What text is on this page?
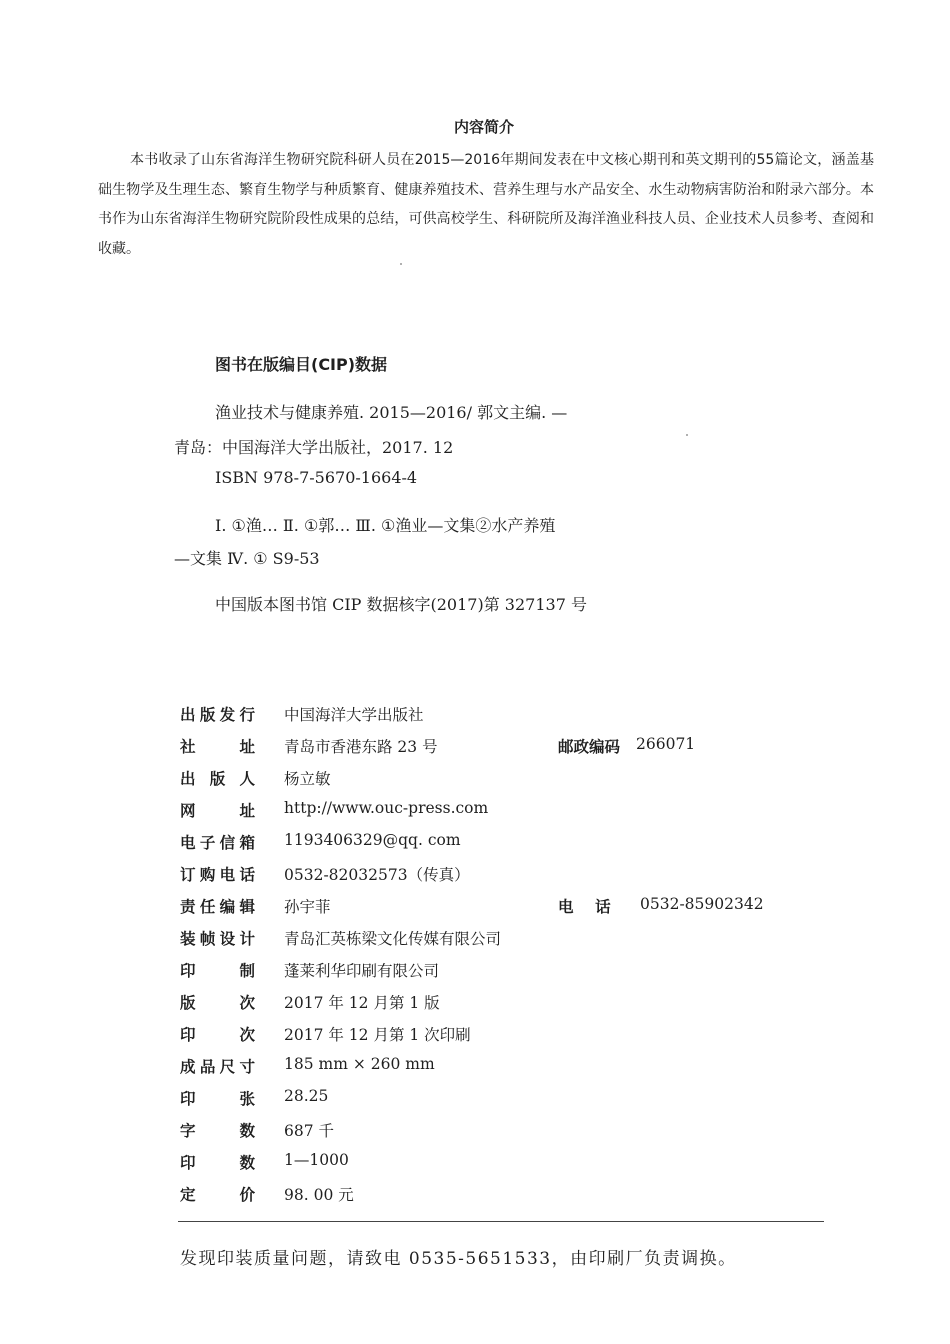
内容简介
本书收录了山东省海洋生物研究院科研人员在2015—2016年期间发表在中文核心期刊和英文期刊的55篇论文，涵盖基础生物学及生理生态、繁育生物学与种质繁育、健康养殖技术、营养生理与水产品安全、水生动物病害防治和附录六部分。本书作为山东省海洋生物研究院阶段性成果的总结，可供高校学生、科研院所及海洋渔业科技人员、企业技术人员参考、查阅和收藏。
图书在版编目(CIP)数据
渔业技术与健康养殖. 2015—2016/ 郭文主编. —
青岛：中国海洋大学出版社，2017. 12
ISBN 978-7-5670-1664-4
Ⅰ. ①渔… Ⅱ. ①郭… Ⅲ. ①渔业—文集②水产养殖
—文集 Ⅳ. ① S9-53
中国版本图书馆 CIP 数据核字(2017)第 327137 号
出版发行 中国海洋大学出版社
社址 青岛市香港东路 23 号	邮政编码 266071
出版人 杨立敏
网址 http://www.ouc-press.com
电子信箱 1193406329@qq. com
订购电话 0532-82032573（传真）
责任编辑 孙宇菲	电    话 0532-85902342
装帧设计 青岛汇英栋梁文化传媒有限公司
印制 蓬莱利华印刷有限公司
版次 2017 年 12 月第 1 版
印次 2017 年 12 月第 1 次印刷
成品尺寸 185 mm × 260 mm
印张 28.25
字数 687 千
印数 1—1000
定价 98. 00 元
发现印装质量问题，请致电 0535-5651533，由印刷厂负责调换。
